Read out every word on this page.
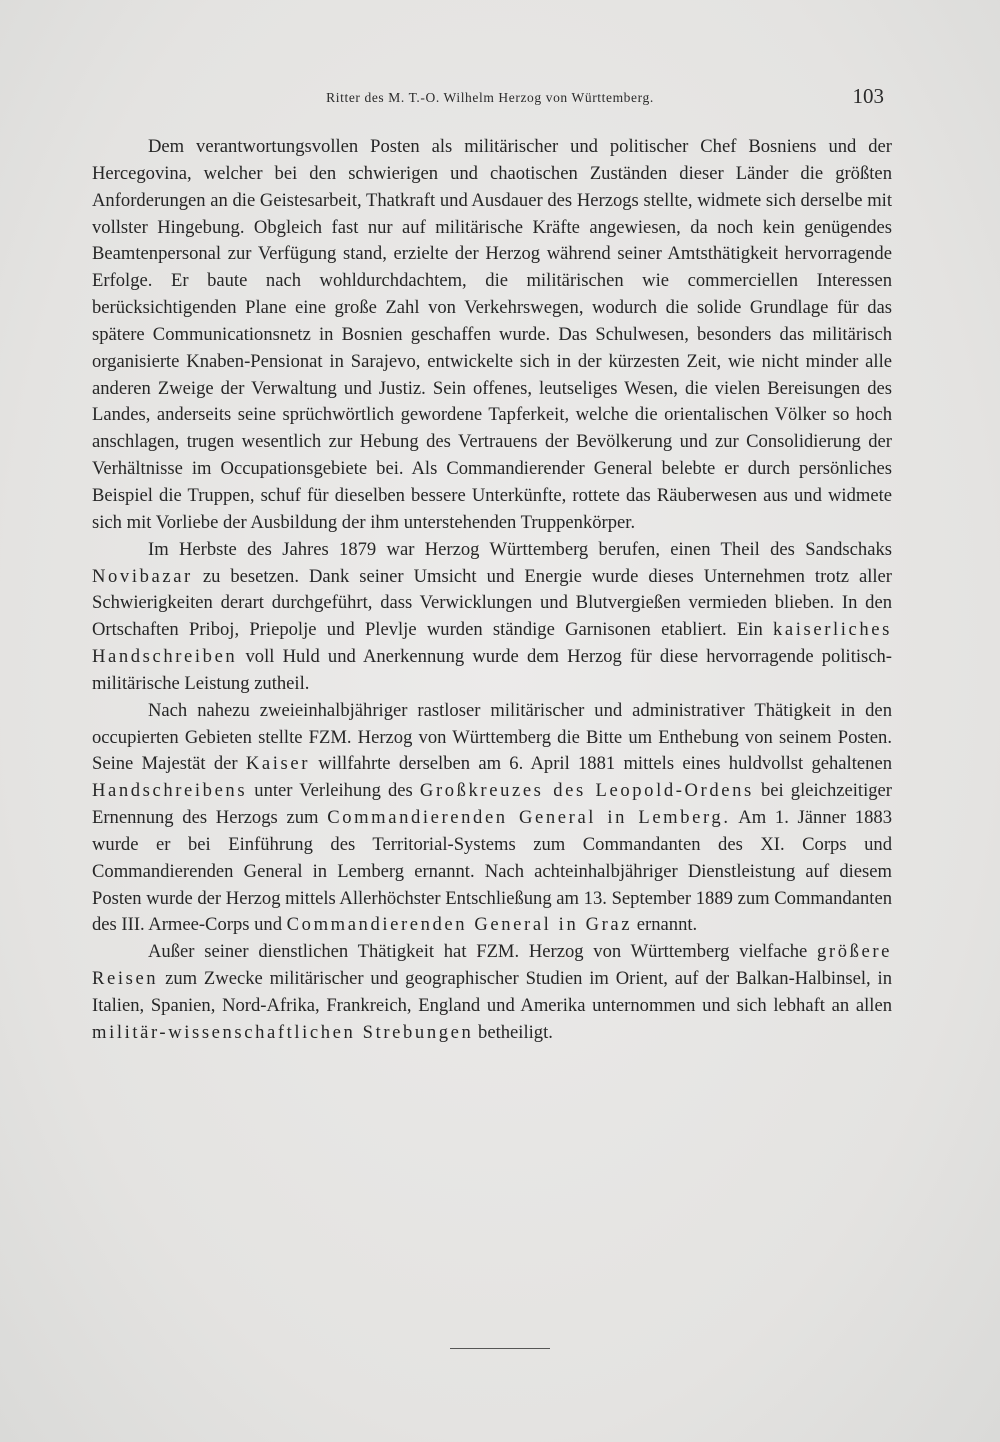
Ritter des M. T.-O. Wilhelm Herzog von Württemberg.	103

Dem verantwortungsvollen Posten als militärischer und politischer Chef Bosniens und der Hercegovina, welcher bei den schwierigen und chaotischen Zuständen dieser Länder die größten Anforderungen an die Geistesarbeit, Thatkraft und Ausdauer des Herzogs stellte, widmete sich derselbe mit vollster Hingebung. Obgleich fast nur auf militärische Kräfte angewiesen, da noch kein genügendes Beamtenpersonal zur Verfügung stand, erzielte der Herzog während seiner Amtsthätigkeit hervorragende Erfolge. Er baute nach wohldurchdachtem, die militärischen wie commerciellen Interessen berücksichtigenden Plane eine große Zahl von Verkehrswegen, wodurch die solide Grundlage für das spätere Communicationsnetz in Bosnien geschaffen wurde. Das Schulwesen, besonders das militärisch organisierte Knaben-Pensionat in Sarajevo, entwickelte sich in der kürzesten Zeit, wie nicht minder alle anderen Zweige der Verwaltung und Justiz. Sein offenes, leutseliges Wesen, die vielen Bereisungen des Landes, anderseits seine sprüchwörtlich gewordene Tapferkeit, welche die orientalischen Völker so hoch anschlagen, trugen wesentlich zur Hebung des Vertrauens der Bevölkerung und zur Consolidierung der Verhältnisse im Occupationsgebiete bei. Als Commandierender General belebte er durch persönliches Beispiel die Truppen, schuf für dieselben bessere Unterkünfte, rottete das Räuberwesen aus und widmete sich mit Vorliebe der Ausbildung der ihm unterstehenden Truppenkörper.

Im Herbste des Jahres 1879 war Herzog Württemberg berufen, einen Theil des Sandschaks Novibazar zu besetzen. Dank seiner Umsicht und Energie wurde dieses Unternehmen trotz aller Schwierigkeiten derart durchgeführt, dass Verwicklungen und Blutvergießen vermieden blieben. In den Ortschaften Priboj, Priepolje und Plevlje wurden ständige Garnisonen etabliert. Ein kaiserliches Handschreiben voll Huld und Anerkennung wurde dem Herzog für diese hervorragende politisch-militärische Leistung zutheil.

Nach nahezu zweieinhalbjähriger rastloser militärischer und administrativer Thätigkeit in den occupierten Gebieten stellte FZM. Herzog von Württemberg die Bitte um Enthebung von seinem Posten. Seine Majestät der Kaiser willfahrte derselben am 6. April 1881 mittels eines huldvollst gehaltenen Handschreibens unter Verleihung des Großkreuzes des Leopold-Ordens bei gleichzeitiger Ernennung des Herzogs zum Commandierenden General in Lemberg. Am 1. Jänner 1883 wurde er bei Einführung des Territorial-Systems zum Commandanten des XI. Corps und Commandierenden General in Lemberg ernannt. Nach achteinhalbjähriger Dienstleistung auf diesem Posten wurde der Herzog mittels Allerhöchster Entschließung am 13. September 1889 zum Commandanten des III. Armee-Corps und Commandierenden General in Graz ernannt.

Außer seiner dienstlichen Thätigkeit hat FZM. Herzog von Württemberg vielfache größere Reisen zum Zwecke militärischer und geographischer Studien im Orient, auf der Balkan-Halbinsel, in Italien, Spanien, Nord-Afrika, Frankreich, England und Amerika unternommen und sich lebhaft an allen militär-wissenschaftlichen Strebungen betheiligt.
